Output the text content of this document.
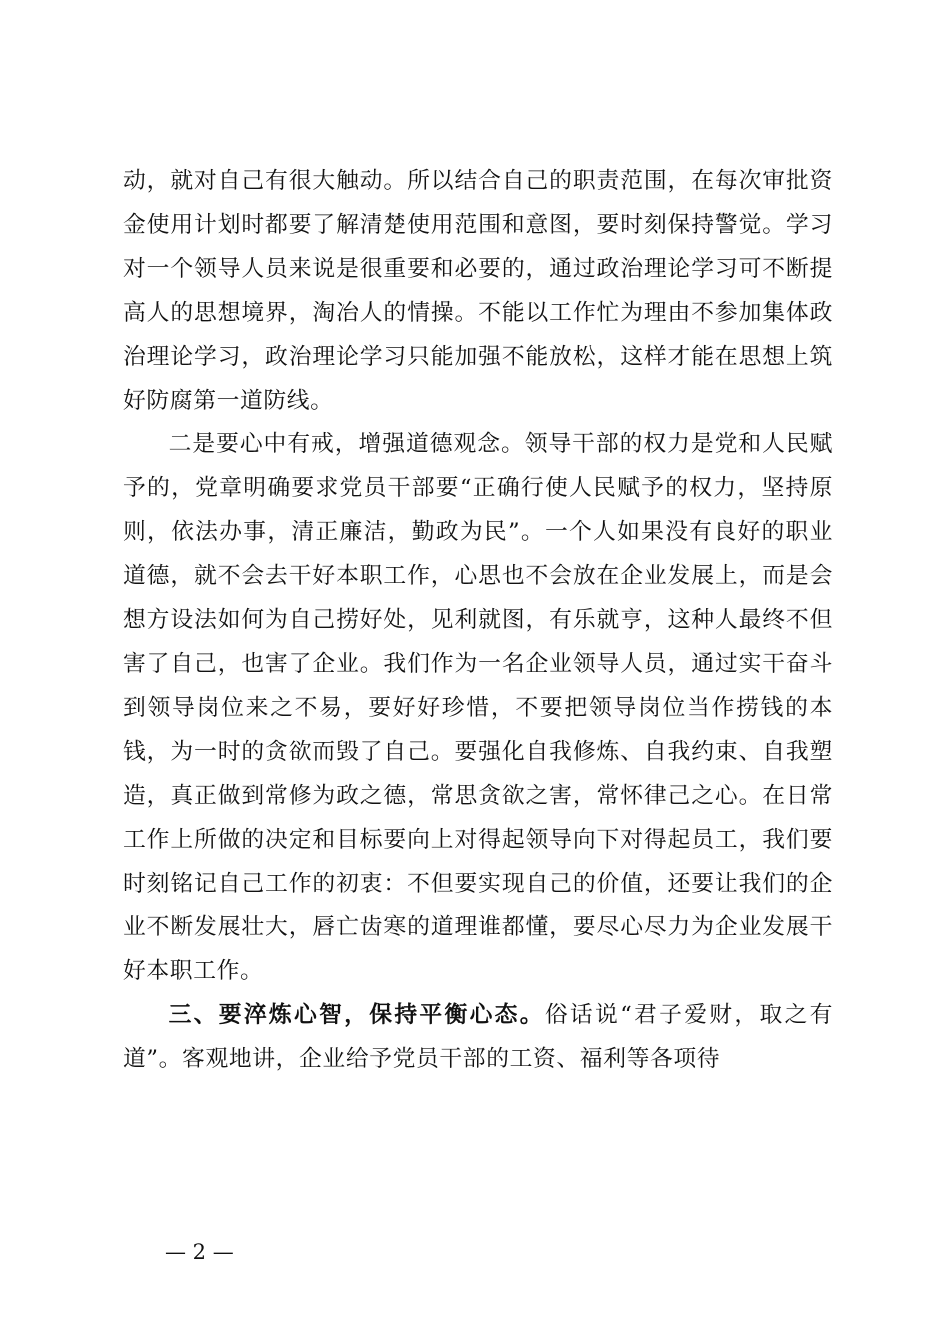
动，就对自己有很大触动。所以结合自己的职责范围，在每次审批资金使用计划时都要了解清楚使用范围和意图，要时刻保持警觉。学习对一个领导人员来说是很重要和必要的，通过政治理论学习可不断提高人的思想境界，淘冶人的情操。不能以工作忙为理由不参加集体政治理论学习，政治理论学习只能加强不能放松，这样才能在思想上筑好防腐第一道防线。

二是要心中有戒，增强道德观念。领导干部的权力是党和人民赋予的，党章明确要求党员干部要“正确行使人民赋予的权力，坚持原则，依法办事，清正廉洁，勤政为民”。一个人如果没有良好的职业道德，就不会去干好本职工作，心思也不会放在企业发展上，而是会想方设法如何为自己捞好处，见利就图，有乐就亨，这种人最终不但害了自己，也害了企业。我们作为一名企业领导人员，通过实干奋斗到领导岗位来之不易，要好好珍惜，不要把领导岗位当作捞钱的本钱，为一时的贪欲而毁了自己。要强化自我修炼、自我约束、自我塑造，真正做到常修为政之德，常思贪欲之害，常怀律己之心。在日常工作上所做的决定和目标要向上对得起领导向下对得起员工，我们要时刻铭记自己工作的初衷：不但要实现自己的价值，还要让我们的企业不断发展壮大，唇亡齿寒的道理谁都懂，要尽心尽力为企业发展干好本职工作。

三、要淬炼心智，保持平衡心态。俗话说“君子爱财，取之有道”。客观地讲，企业给予党员干部的工资、福利等各项待

— 2 —
